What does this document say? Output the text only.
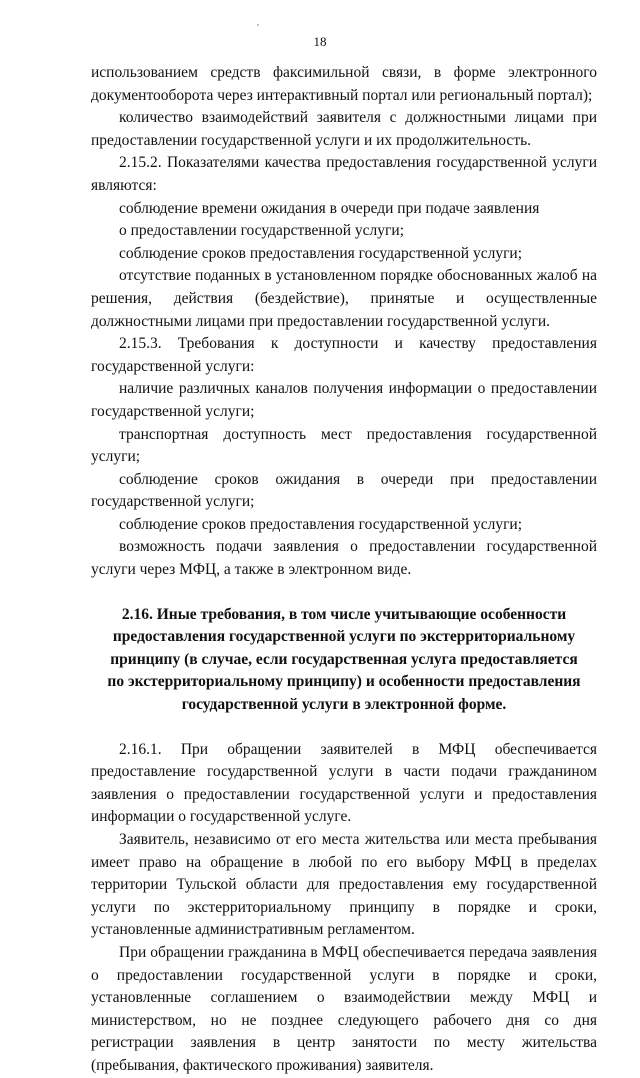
,
18

использованием средств факсимильной связи, в форме электронного документооборота через интерактивный портал или региональный портал);

количество взаимодействий заявителя с должностными лицами при предоставлении государственной услуги и их продолжительность.

2.15.2. Показателями качества предоставления государственной услуги являются:

соблюдение времени ожидания в очереди при подаче заявления

о предоставлении государственной услуги;

соблюдение сроков предоставления государственной услуги;

отсутствие поданных в установленном порядке обоснованных жалоб на решения, действия (бездействие), принятые и осуществленные должностными лицами при предоставлении государственной услуги.

2.15.3. Требования к доступности и качеству предоставления государственной услуги:

наличие различных каналов получения информации о предоставлении государственной услуги;

транспортная доступность мест предоставления государственной услуги;

соблюдение сроков ожидания в очереди при предоставлении государственной услуги;

соблюдение сроков предоставления государственной услуги;

возможность подачи заявления о предоставлении государственной услуги через МФЦ, а также в электронном виде.

2.16. Иные требования, в том числе учитывающие особенности предоставления государственной услуги по экстерриториальному принципу (в случае, если государственная услуга предоставляется по экстерриториальному принципу) и особенности предоставления государственной услуги в электронной форме.

2.16.1. При обращении заявителей в МФЦ обеспечивается предоставление государственной услуги в части подачи гражданином заявления о предоставлении государственной услуги и предоставления информации о государственной услуге.

Заявитель, независимо от его места жительства или места пребывания имеет право на обращение в любой по его выбору МФЦ в пределах территории Тульской области для предоставления ему государственной услуги по экстерриториальному принципу в порядке и сроки, установленные административным регламентом.

При обращении гражданина в МФЦ обеспечивается передача заявления о предоставлении государственной услуги в порядке и сроки, установленные соглашением о взаимодействии между МФЦ и министерством, но не позднее следующего рабочего дня со дня регистрации заявления в центр занятости по месту жительства (пребывания, фактического проживания) заявителя.
